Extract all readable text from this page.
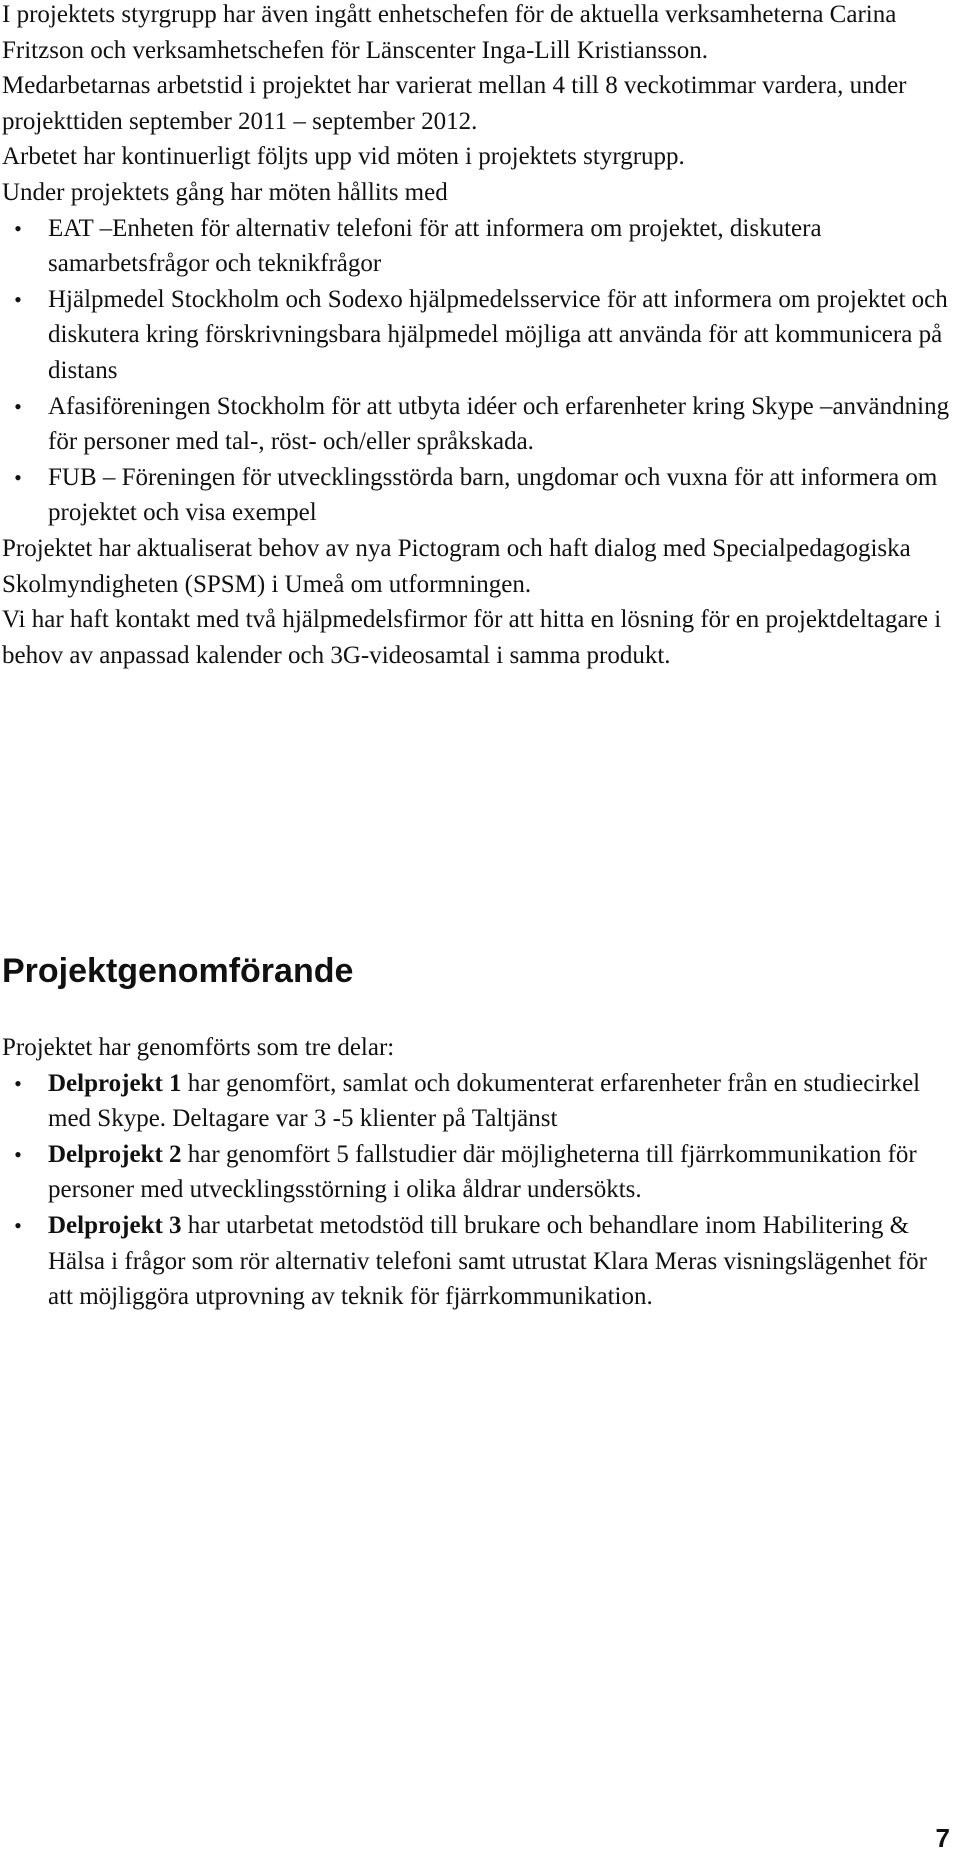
I projektets styrgrupp har även ingått enhetschefen för de aktuella verksamheterna Carina Fritzson och verksamhetschefen för Länscenter Inga-Lill Kristiansson.

Medarbetarnas arbetstid i projektet har varierat mellan 4 till 8 veckotimmar vardera, under projekttiden september 2011 – september 2012.

Arbetet har kontinuerligt följts upp vid möten i projektets styrgrupp.

Under projektets gång har möten hållits med

• EAT –Enheten för alternativ telefoni för att informera om projektet, diskutera samarbetsfrågor och teknikfrågor
• Hjälpmedel Stockholm och Sodexo hjälpmedelsservice för att informera om projektet och diskutera kring förskrivningsbara hjälpmedel möjliga att använda för att kommunicera på distans
• Afasiföreningen Stockholm för att utbyta idéer och erfarenheter kring Skype –användning för personer med tal-, röst- och/eller språkskada.
• FUB – Föreningen för utvecklingsstörda barn, ungdomar och vuxna för att informera om projektet och visa exempel

Projektet har aktualiserat behov av nya Pictogram och haft dialog med Specialpedagogiska Skolmyndigheten (SPSM) i Umeå om utformningen.

Vi har haft kontakt med två hjälpmedelsfirmor för att hitta en lösning för en projektdeltagare i behov av anpassad kalender och 3G-videosamtal i samma produkt.

Projektgenomförande

Projektet har genomförts som tre delar:

• Delprojekt 1 har genomfört, samlat och dokumenterat erfarenheter från en studiecirkel med Skype. Deltagare var 3 -5 klienter på Taltjänst
• Delprojekt 2 har genomfört 5 fallstudier där möjligheterna till fjärrkommunikation för personer med utvecklingsstörning i olika åldrar undersökts.
• Delprojekt 3 har utarbetat metodstöd till brukare och behandlare inom Habilitering & Hälsa i frågor som rör alternativ telefoni samt utrustat Klara Meras visningslägenhet för att möjliggöra utprovning av teknik för fjärrkommunikation.
7
